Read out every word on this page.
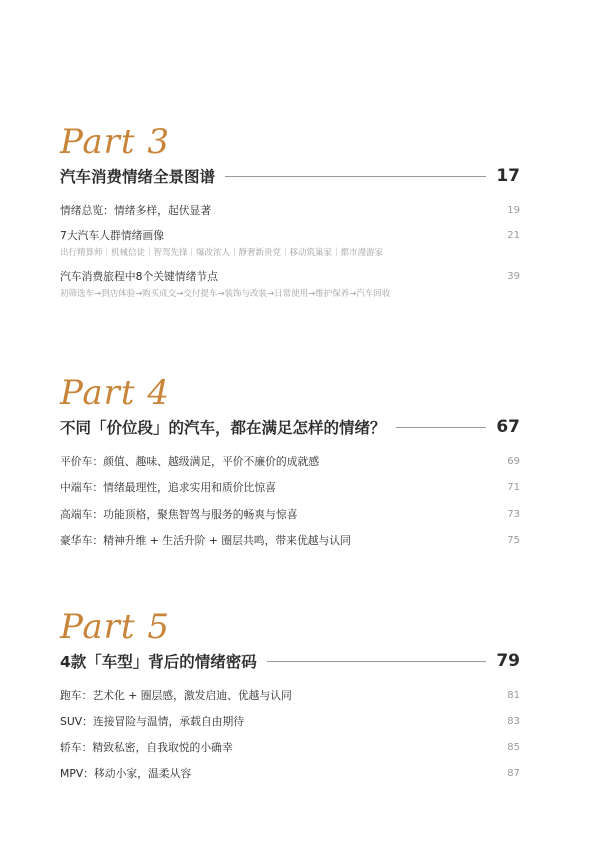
Part 3
汽车消费情绪全景图谱	17
情绪总览：情绪多样，起伏显著	19
7大汽车人群情绪画像	21
出行精算师｜机械信徒｜智驾先锋｜爆改浓人｜静奢新贵党｜移动筑巢家｜都市漫游家
汽车消费旅程中8个关键情绪节点	39
初筛选车→到店体验→购买成交→交付提车→装饰与改装→日常使用→维护保养→汽车回收
Part 4
不同「价位段」的汽车，都在满足怎样的情绪？	67
平价车：颜值、趣味、越级满足，平价不廉价的成就感	69
中端车：情绪最理性，追求实用和质价比惊喜	71
高端车：功能顶格，聚焦智驾与服务的畅爽与惊喜	73
豪华车：精神升维 + 生活升阶 + 圈层共鸣，带来优越与认同	75
Part 5
4款「车型」背后的情绪密码	79
跑车：艺术化 + 圈层感，激发启迪、优越与认同	81
SUV：连接冒险与温情，承载自由期待	83
轿车：精致私密，自我取悦的小确幸	85
MPV：移动小家，温柔从容	87
